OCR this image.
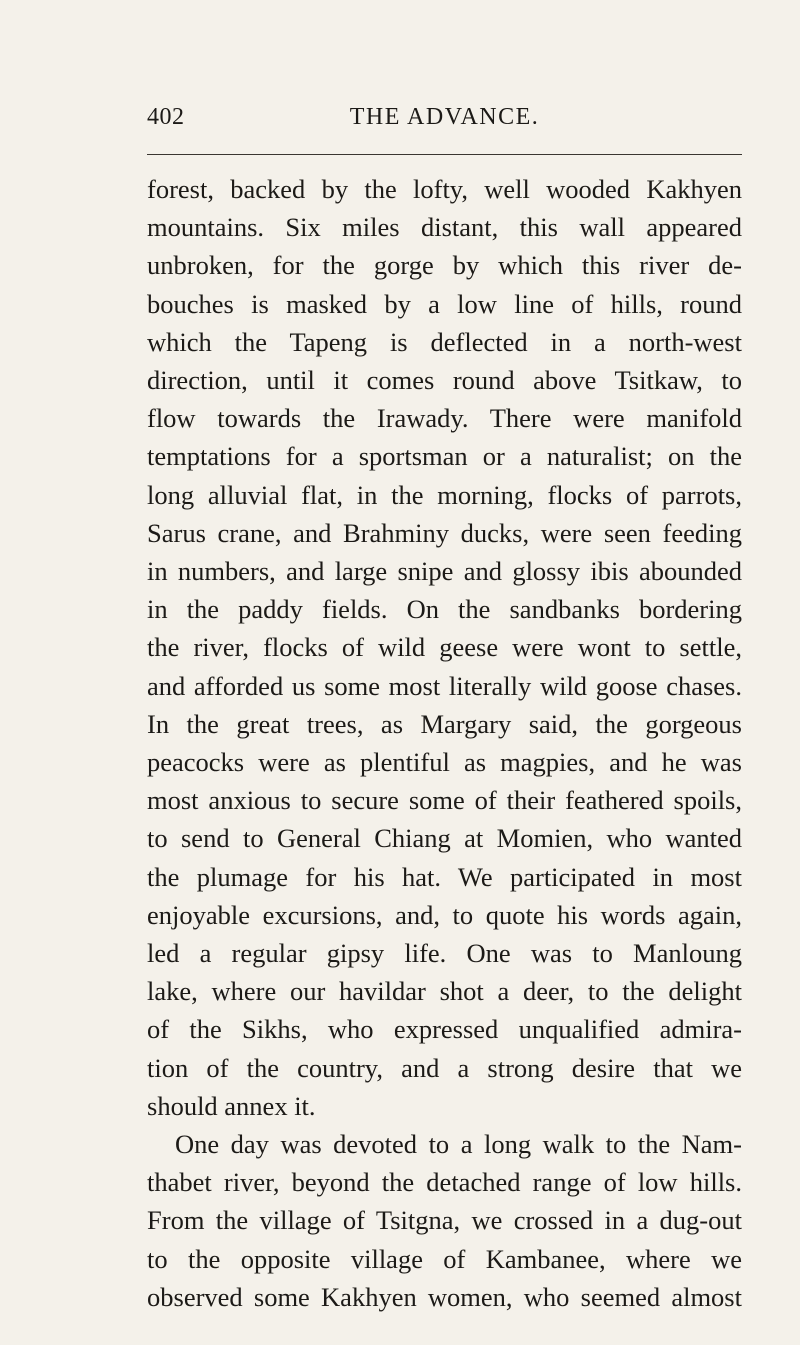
402	THE ADVANCE.
forest, backed by the lofty, well wooded Kakhyen
mountains. Six miles distant, this wall appeared
unbroken, for the gorge by which this river de-
bouches is masked by a low line of hills, round
which the Tapeng is deflected in a north-west
direction, until it comes round above Tsitkaw, to
flow towards the Irawady. There were manifold
temptations for a sportsman or a naturalist; on the
long alluvial flat, in the morning, flocks of parrots,
Sarus crane, and Brahminy ducks, were seen feeding
in numbers, and large snipe and glossy ibis abounded
in the paddy fields. On the sandbanks bordering
the river, flocks of wild geese were wont to settle,
and afforded us some most literally wild goose chases.
In the great trees, as Margary said, the gorgeous
peacocks were as plentiful as magpies, and he was
most anxious to secure some of their feathered spoils,
to send to General Chiang at Momien, who wanted
the plumage for his hat. We participated in most
enjoyable excursions, and, to quote his words again,
led a regular gipsy life. One was to Manloung
lake, where our havildar shot a deer, to the delight
of the Sikhs, who expressed unqualified admira-
tion of the country, and a strong desire that we
should annex it.
One day was devoted to a long walk to the Nam-
thabet river, beyond the detached range of low hills.
From the village of Tsitgna, we crossed in a dug-out
to the opposite village of Kambanee, where we
observed some Kakhyen women, who seemed almost
